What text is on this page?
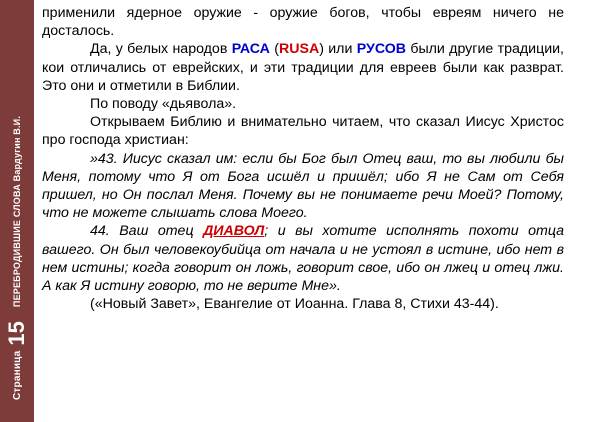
Страница
15
ПЕРЕБРОДИВШИЕ СЛОВА Вардугин В.И.

применили ядерное оружие - оружие богов, чтобы евреям ничего не досталось.

Да, у белых народов РАСА (RUSA) или РУСОВ были другие традиции, кои отличались от еврейских, и эти традиции для евреев были как разврат. Это они и отметили в Библии.

По поводу «дьявола».

Открываем Библию и внимательно читаем, что сказал Иисус Христос про господа христиан:

»43. Иисус сказал им: если бы Бог был Отец ваш, то вы любили бы Меня, потому что Я от Бога исшёл и пришёл; ибо Я не Сам от Себя пришел, но Он послал Меня. Почему вы не понимаете речи Моей? Потому, что не можете слышать слова Моего.

44. Ваш отец ДИАВОЛ; и вы хотите исполнять похоти отца вашего. Он был человекоубийца от начала и не устоял в истине, ибо нет в нем истины; когда говорит он ложь, говорит свое, ибо он лжец и отец лжи. А как Я истину говорю, то не верите Мне».

(«Новый Завет», Евангелие от Иоанна. Глава 8, Стихи 43-44).
